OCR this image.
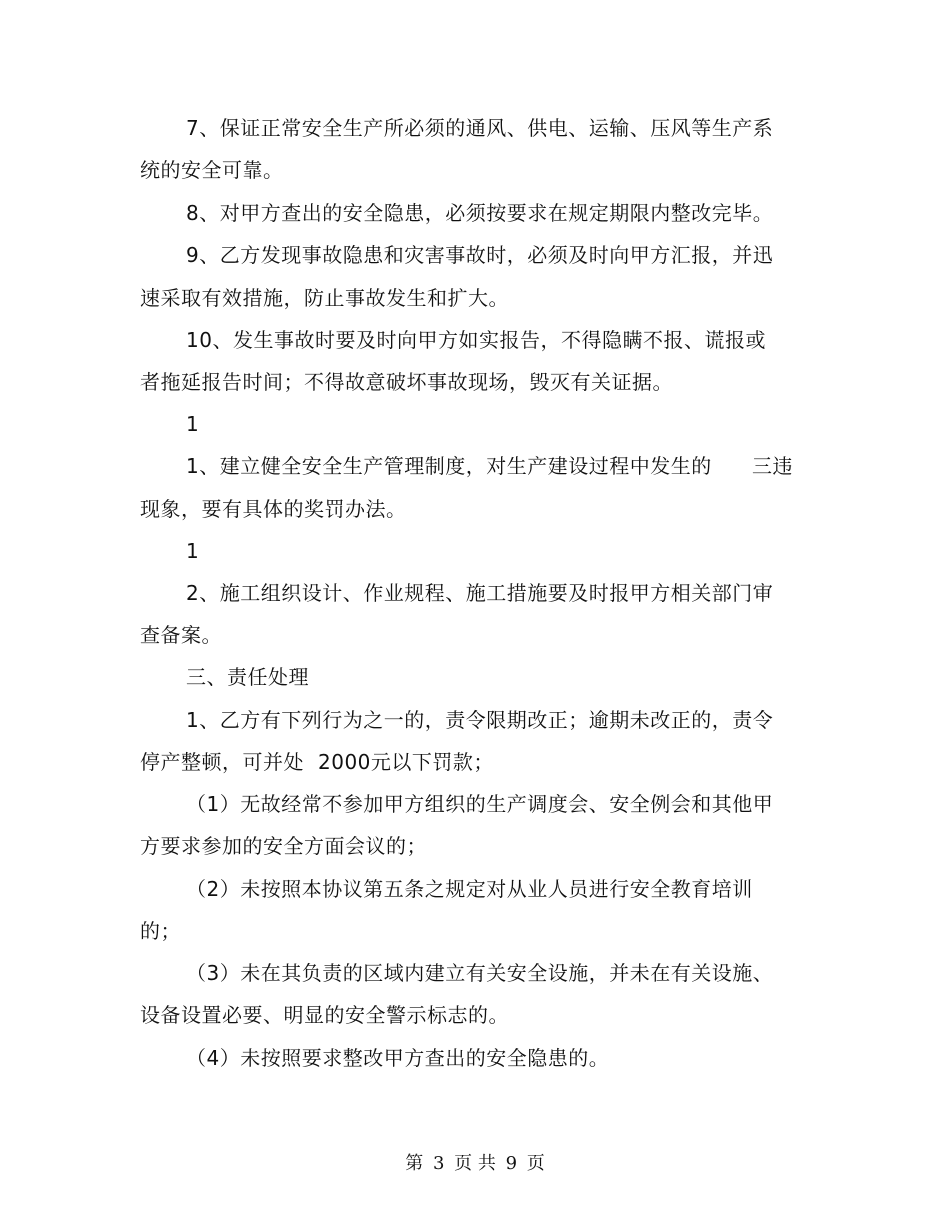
7、保证正常安全生产所必须的通风、供电、运输、压风等生产系
统的安全可靠。
8、对甲方查出的安全隐患，必须按要求在规定期限内整改完毕。
9、乙方发现事故隐患和灾害事故时，必须及时向甲方汇报，并迅
速采取有效措施，防止事故发生和扩大。
10、发生事故时要及时向甲方如实报告，不得隐瞒不报、谎报或
者拖延报告时间；不得故意破坏事故现场，毁灭有关证据。
1
1、建立健全安全生产管理制度，对生产建设过程中发生的 三违
现象，要有具体的奖罚办法。
1
2、施工组织设计、作业规程、施工措施要及时报甲方相关部门审
查备案。
三、责任处理
1、乙方有下列行为之一的，责令限期改正；逾期未改正的，责令
停产整顿，可并处 2000元以下罚款；
（1）无故经常不参加甲方组织的生产调度会、安全例会和其他甲
方要求参加的安全方面会议的；
（2）未按照本协议第五条之规定对从业人员进行安全教育培训
的；
（3）未在其负责的区域内建立有关安全设施，并未在有关设施、
设备设置必要、明显的安全警示标志的。
（4）未按照要求整改甲方查出的安全隐患的。
第 3 页 共 9 页
